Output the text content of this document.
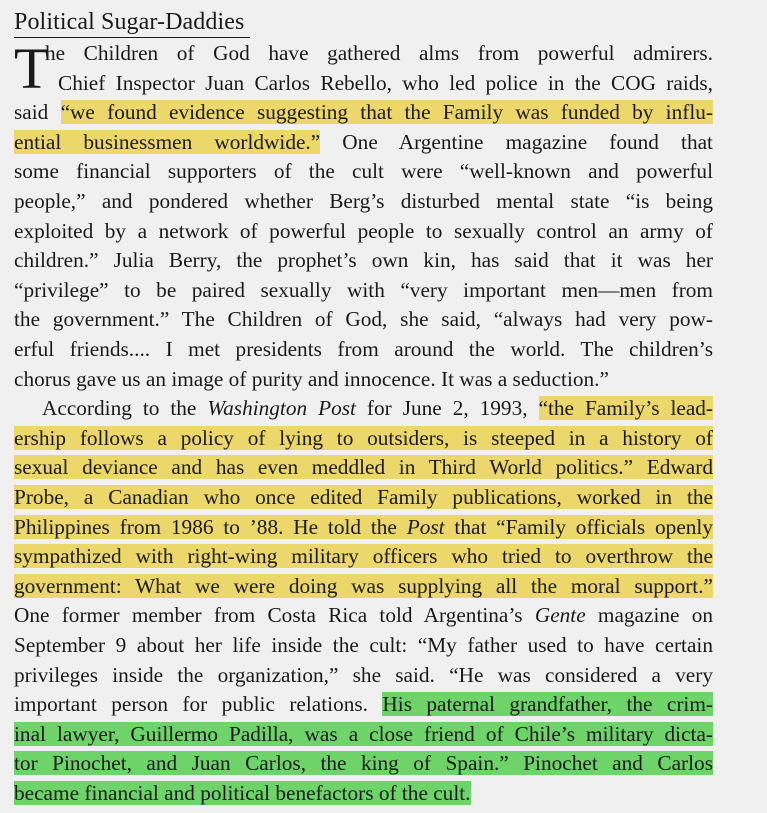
Political Sugar-Daddies
T
he Children of God have gathered alms from powerful admirers.
Chief Inspector Juan Carlos Rebello, who led police in the COG raids,
said “we found evidence suggesting that the Family was funded by influ-
ential businessmen worldwide.” One Argentine magazine found that
some financial supporters of the cult were “well-known and powerful
people,” and pondered whether Berg’s disturbed mental state “is being
exploited by a network of powerful people to sexually control an army of
children.” Julia Berry, the prophet’s own kin, has said that it was her
“privilege” to be paired sexually with “very important men—men from
the government.” The Children of God, she said, “always had very pow-
erful friends.... I met presidents from around the world. The children’s
chorus gave us an image of purity and innocence. It was a seduction.”
According to the Washington Post for June 2, 1993, “the Family’s lead-
ership follows a policy of lying to outsiders, is steeped in a history of
sexual deviance and has even meddled in Third World politics.” Edward
Probe, a Canadian who once edited Family publications, worked in the
Philippines from 1986 to ’88. He told the Post that “Family officials openly
sympathized with right-wing military officers who tried to overthrow the
government: What we were doing was supplying all the moral support.”
One former member from Costa Rica told Argentina’s Gente magazine on
September 9 about her life inside the cult: “My father used to have certain
privileges inside the organization,” she said. “He was considered a very
important person for public relations. His paternal grandfather, the crim-
inal lawyer, Guillermo Padilla, was a close friend of Chile’s military dicta-
tor Pinochet, and Juan Carlos, the king of Spain.” Pinochet and Carlos
became financial and political benefactors of the cult.
